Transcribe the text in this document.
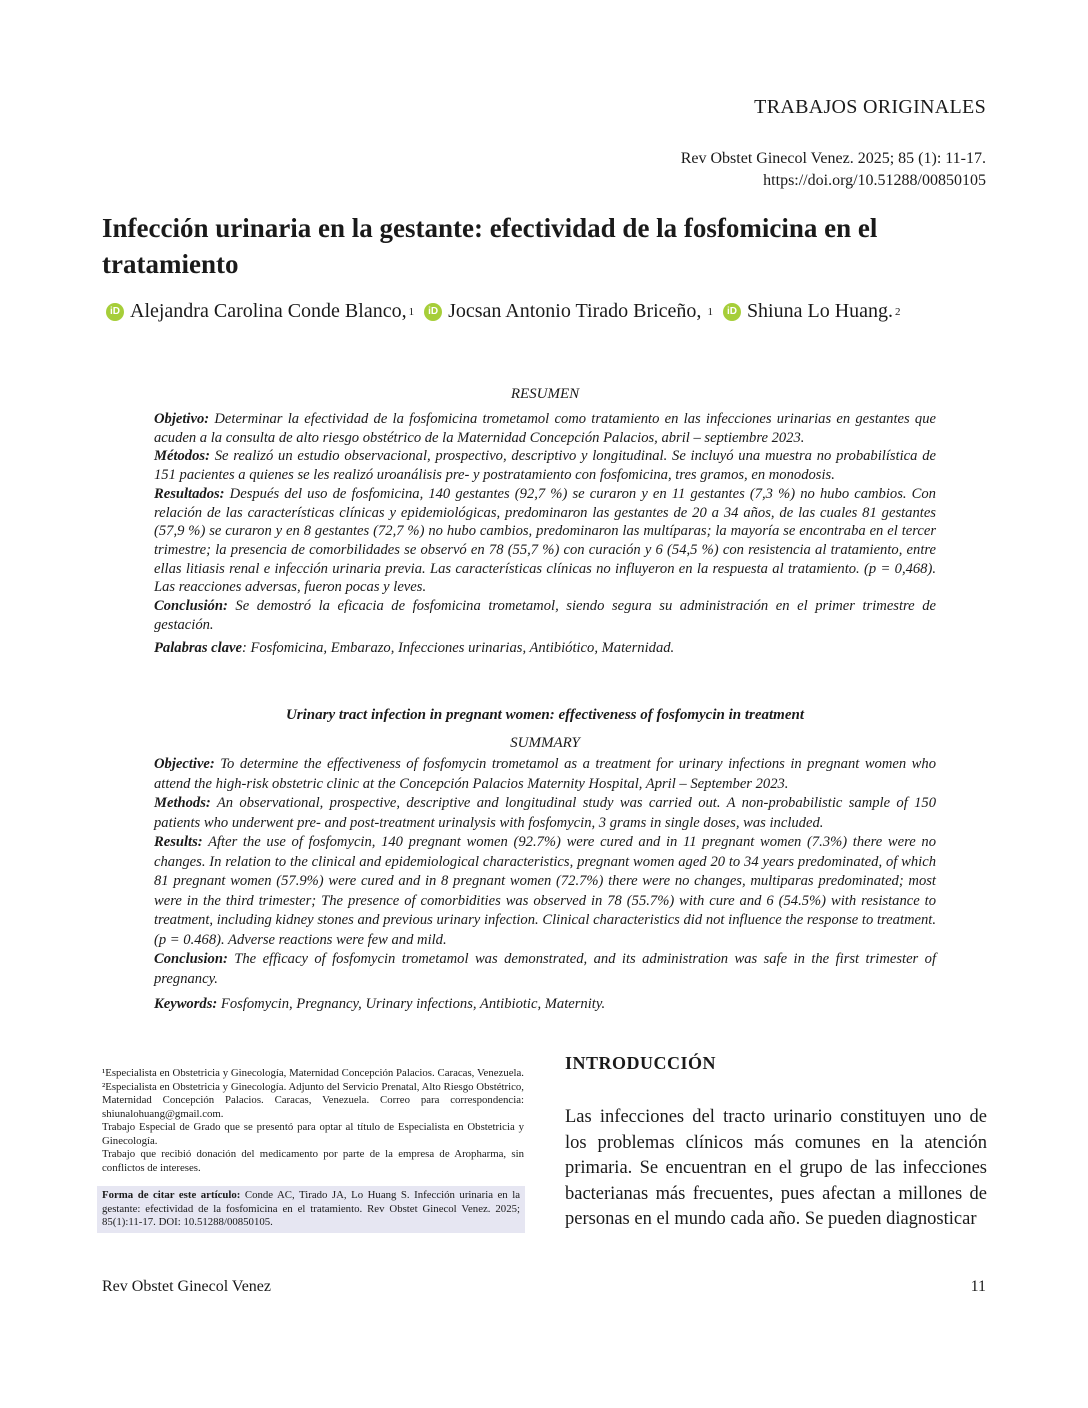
TRABAJOS ORIGINALES
Rev Obstet Ginecol Venez. 2025; 85 (1): 11-17.
https://doi.org/10.51288/00850105
Infección urinaria en la gestante: efectividad de la fosfomicina en el tratamiento
iD Alejandra Carolina Conde Blanco, 1
	iD Jocsan Antonio Tirado Briceño, 1
	iD Shiuna Lo Huang. 2
RESUMEN

Objetivo: Determinar la efectividad de la fosfomicina trometamol como tratamiento en las infecciones urinarias en gestantes que acuden a la consulta de alto riesgo obstétrico de la Maternidad Concepción Palacios, abril – septiembre 2023.

Métodos: Se realizó un estudio observacional, prospectivo, descriptivo y longitudinal. Se incluyó una muestra no probabilística de 151 pacientes a quienes se les realizó uroanálisis pre- y postratamiento con fosfomicina, tres gramos, en monodosis.

Resultados: Después del uso de fosfomicina, 140 gestantes (92,7 %) se curaron y en 11 gestantes (7,3 %) no hubo cambios. Con relación de las características clínicas y epidemiológicas, predominaron las gestantes de 20 a 34 años, de las cuales 81 gestantes (57,9 %) se curaron y en 8 gestantes (72,7 %) no hubo cambios, predominaron las multíparas; la mayoría se encontraba en el tercer trimestre; la presencia de comorbilidades se observó en 78 (55,7 %) con curación y 6 (54,5 %) con resistencia al tratamiento, entre ellas litiasis renal e infección urinaria previa. Las características clínicas no influyeron en la respuesta al tratamiento. (p = 0,468). Las reacciones adversas, fueron pocas y leves.

Conclusión: Se demostró la eficacia de fosfomicina trometamol, siendo segura su administración en el primer trimestre de gestación.

Palabras clave: Fosfomicina, Embarazo, Infecciones urinarias, Antibiótico, Maternidad.

Urinary tract infection in pregnant women: effectiveness of fosfomycin in treatment
SUMMARY

Objective: To determine the effectiveness of fosfomycin trometamol as a treatment for urinary infections in pregnant women who attend the high-risk obstetric clinic at the Concepción Palacios Maternity Hospital, April – September 2023.

Methods: An observational, prospective, descriptive and longitudinal study was carried out. A non-probabilistic sample of 150 patients who underwent pre- and post-treatment urinalysis with fosfomycin, 3 grams in single doses, was included.

Results: After the use of fosfomycin, 140 pregnant women (92.7%) were cured and in 11 pregnant women (7.3%) there were no changes. In relation to the clinical and epidemiological characteristics, pregnant women aged 20 to 34 years predominated, of which 81 pregnant women (57.9%) were cured and in 8 pregnant women (72.7%) there were no changes, multiparas predominated; most were in the third trimester; The presence of comorbidities was observed in 78 (55.7%) with cure and 6 (54.5%) with resistance to treatment, including kidney stones and previous urinary infection. Clinical characteristics did not influence the response to treatment. (p = 0.468). Adverse reactions were few and mild.

Conclusion: The efficacy of fosfomycin trometamol was demonstrated, and its administration was safe in the first trimester of pregnancy.

Keywords: Fosfomycin, Pregnancy, Urinary infections, Antibiotic, Maternity.

¹Especialista en Obstetricia y Ginecología, Maternidad Concepción Palacios. Caracas, Venezuela. ²Especialista en Obstetricia y Ginecología. Adjunto del Servicio Prenatal, Alto Riesgo Obstétrico, Maternidad Concepción Palacios. Caracas, Venezuela. Correo para correspondencia: shiunalohuang@gmail.com.

Trabajo Especial de Grado que se presentó para optar al título de Especialista en Obstetricia y Ginecología.

Trabajo que recibió donación del medicamento por parte de la empresa de Aropharma, sin conflictos de intereses.

Forma de citar este artículo: Conde AC, Tirado JA, Lo Huang S. Infección urinaria en la gestante: efectividad de la fosfomicina en el tratamiento. Rev Obstet Ginecol Venez. 2025; 85(1):11-17. DOI: 10.51288/00850105.
INTRODUCCIÓN
Las infecciones del tracto urinario constituyen uno de los problemas clínicos más comunes en la atención primaria. Se encuentran en el grupo de las infecciones bacterianas más frecuentes, pues afectan a millones de personas en el mundo cada año. Se pueden diagnosticar
Rev Obstet Ginecol Venez	11
